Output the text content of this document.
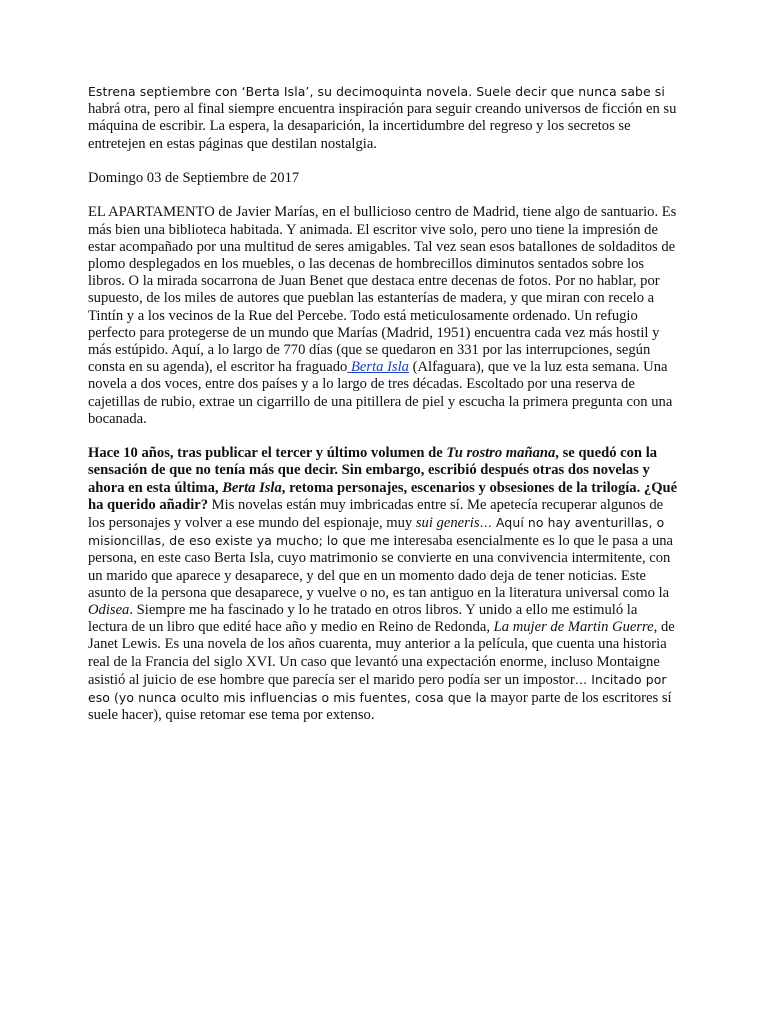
Estrena septiembre con ‘Berta Isla’, su decimoquinta novela. Suele decir que nunca sabe si habrá otra, pero al final siempre encuentra inspiración para seguir creando universos de ficción en su máquina de escribir. La espera, la desaparición, la incertidumbre del regreso y los secretos se entretejen en estas páginas que destilan nostalgia.

Domingo 03 de Septiembre de 2017

EL APARTAMENTO de Javier Marías, en el bullicioso centro de Madrid, tiene algo de santuario. Es más bien una biblioteca habitada. Y animada. El escritor vive solo, pero uno tiene la impresión de estar acompañado por una multitud de seres amigables. Tal vez sean esos batallones de soldaditos de plomo desplegados en los muebles, o las decenas de hombrecillos diminutos sentados sobre los libros. O la mirada socarrona de Juan Benet que destaca entre decenas de fotos. Por no hablar, por supuesto, de los miles de autores que pueblan las estanterías de madera, y que miran con recelo a Tintín y a los vecinos de la Rue del Percebe. Todo está meticulosamente ordenado. Un refugio perfecto para protegerse de un mundo que Marías (Madrid, 1951) encuentra cada vez más hostil y más estúpido. Aquí, a lo largo de 770 días (que se quedaron en 331 por las interrupciones, según consta en su agenda), el escritor ha fraguado Berta Isla (Alfaguara), que ve la luz esta semana. Una novela a dos voces, entre dos países y a lo largo de tres décadas. Escoltado por una reserva de cajetillas de rubio, extrae un cigarrillo de una pitillera de piel y escucha la primera pregunta con una bocanada.

Hace 10 años, tras publicar el tercer y último volumen de Tu rostro mañana, se quedó con la sensación de que no tenía más que decir. Sin embargo, escribió después otras dos novelas y ahora en esta última, Berta Isla, retoma personajes, escenarios y obsesiones de la trilogía. ¿Qué ha querido añadir? Mis novelas están muy imbricadas entre sí. Me apetecía recuperar algunos de los personajes y volver a ese mundo del espionaje, muy sui generis… Aquí no hay aventurillas, o misioncillas, de eso existe ya mucho; lo que me interesaba esencialmente es lo que le pasa a una persona, en este caso Berta Isla, cuyo matrimonio se convierte en una convivencia intermitente, con un marido que aparece y desaparece, y del que en un momento dado deja de tener noticias. Este asunto de la persona que desaparece, y vuelve o no, es tan antiguo en la literatura universal como la Odisea. Siempre me ha fascinado y lo he tratado en otros libros. Y unido a ello me estimuló la lectura de un libro que edité hace año y medio en Reino de Redonda, La mujer de Martin Guerre, de Janet Lewis. Es una novela de los años cuarenta, muy anterior a la película, que cuenta una historia real de la Francia del siglo XVI. Un caso que levantó una expectación enorme, incluso Montaigne asistió al juicio de ese hombre que parecía ser el marido pero podía ser un impostor… Incitado por eso (yo nunca oculto mis influencias o mis fuentes, cosa que la mayor parte de los escritores sí suele hacer), quise retomar ese tema por extenso.
